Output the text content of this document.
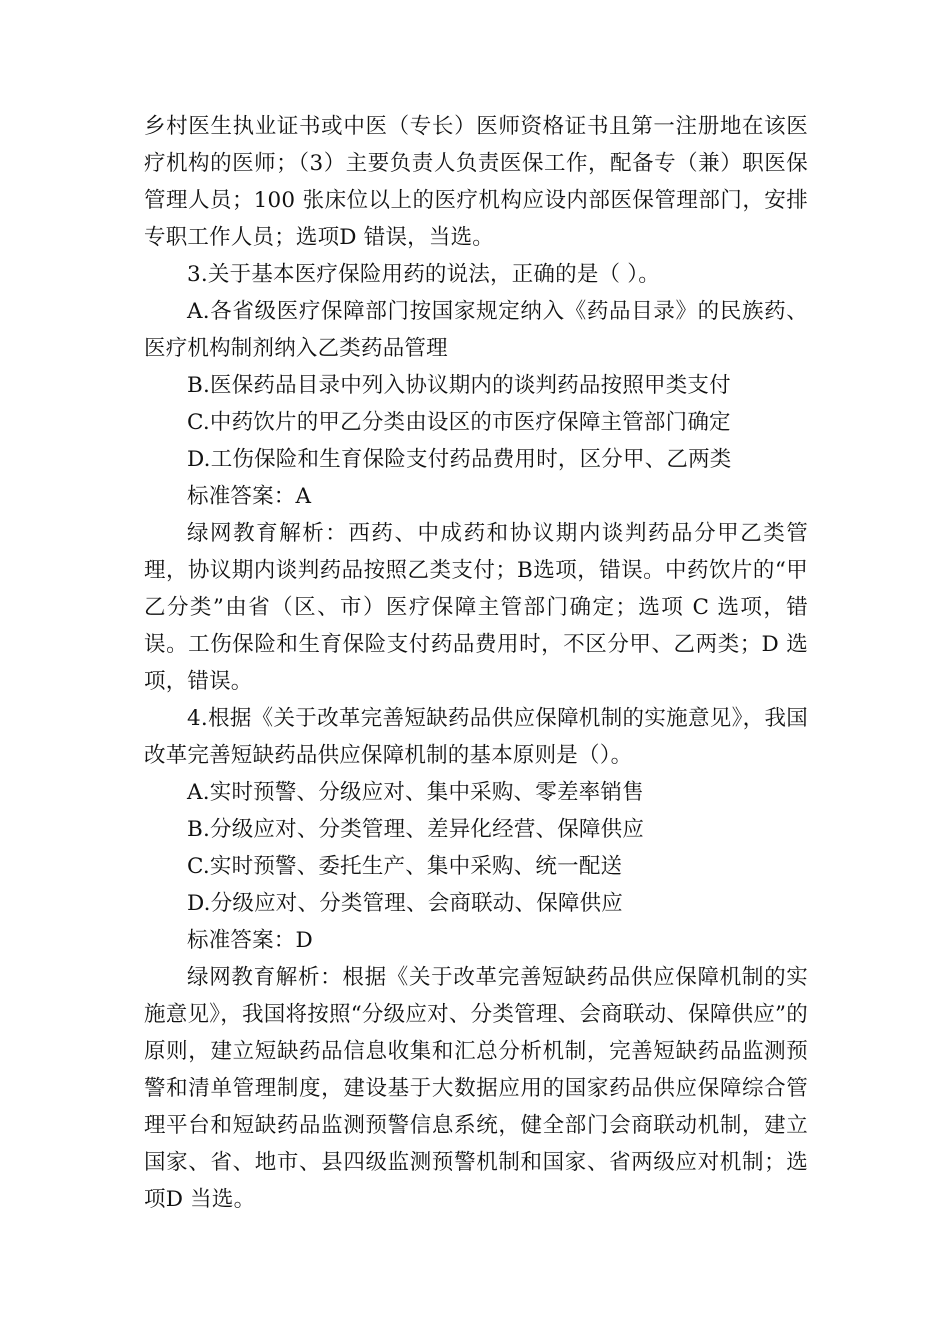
乡村医生执业证书或中医（专长）医师资格证书且第一注册地在该医疗机构的医师；（3）主要负责人负责医保工作，配备专（兼）职医保管理人员；100 张床位以上的医疗机构应设内部医保管理部门，安排专职工作人员；选项D 错误，当选。

3.关于基本医疗保险用药的说法，正确的是（ ）。

A.各省级医疗保障部门按国家规定纳入《药品目录》的民族药、医疗机构制剂纳入乙类药品管理

B.医保药品目录中列入协议期内的谈判药品按照甲类支付

C.中药饮片的甲乙分类由设区的市医疗保障主管部门确定

D.工伤保险和生育保险支付药品费用时，区分甲、乙两类

标准答案：A

绿网教育解析：西药、中成药和协议期内谈判药品分甲乙类管理，协议期内谈判药品按照乙类支付；B选项，错误。中药饮片的“甲乙分类”由省（区、市）医疗保障主管部门确定；选项 C 选项，错误。工伤保险和生育保险支付药品费用时，不区分甲、乙两类；D 选项，错误。

4.根据《关于改革完善短缺药品供应保障机制的实施意见》，我国改革完善短缺药品供应保障机制的基本原则是（）。

A.实时预警、分级应对、集中采购、零差率销售

B.分级应对、分类管理、差异化经营、保障供应

C.实时预警、委托生产、集中采购、统一配送

D.分级应对、分类管理、会商联动、保障供应

标准答案：D

绿网教育解析：根据《关于改革完善短缺药品供应保障机制的实施意见》，我国将按照“分级应对、分类管理、会商联动、保障供应”的原则，建立短缺药品信息收集和汇总分析机制，完善短缺药品监测预警和清单管理制度，建设基于大数据应用的国家药品供应保障综合管理平台和短缺药品监测预警信息系统，健全部门会商联动机制，建立国家、省、地市、县四级监测预警机制和国家、省两级应对机制；选项D 当选。
